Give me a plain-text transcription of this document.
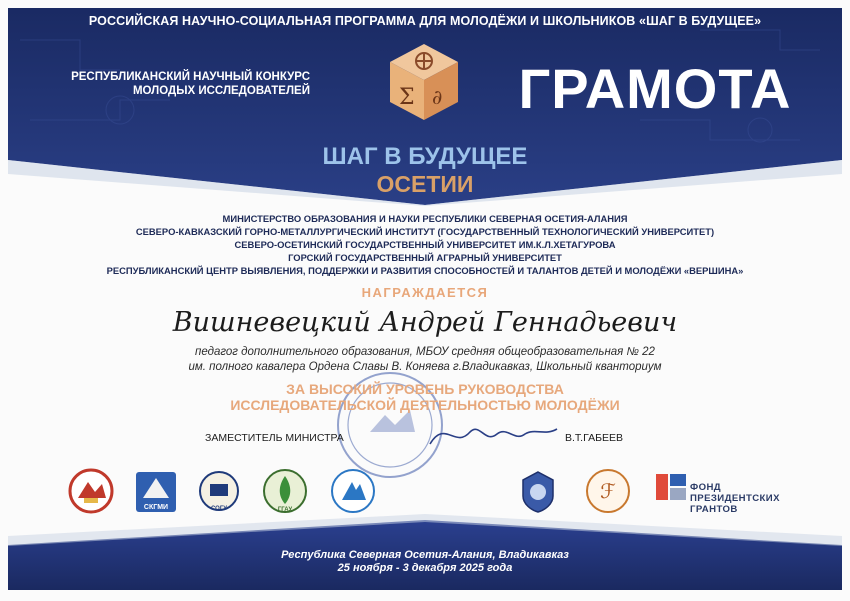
Σ ∂
РОССИЙСКАЯ НАУЧНО-СОЦИАЛЬНАЯ ПРОГРАММА ДЛЯ МОЛОДЁЖИ И ШКОЛЬНИКОВ «ШАГ В БУДУЩЕЕ»
РЕСПУБЛИКАНСКИЙ НАУЧНЫЙ КОНКУРС
МОЛОДЫХ ИССЛЕДОВАТЕЛЕЙ	ГРАМОТА
ШАГ В БУДУЩЕЕ
ОСЕТИИ
МИНИСТЕРСТВО ОБРАЗОВАНИЯ И НАУКИ РЕСПУБЛИКИ СЕВЕРНАЯ ОСЕТИЯ-АЛАНИЯ
СЕВЕРО-КАВКАЗСКИЙ ГОРНО-МЕТАЛЛУРГИЧЕСКИЙ ИНСТИТУТ (ГОСУДАРСТВЕННЫЙ ТЕХНОЛОГИЧЕСКИЙ УНИВЕРСИТЕТ)
СЕВЕРО-ОСЕТИНСКИЙ ГОСУДАРСТВЕННЫЙ УНИВЕРСИТЕТ ИМ.К.Л.ХЕТАГУРОВА
ГОРСКИЙ ГОСУДАРСТВЕННЫЙ АГРАРНЫЙ УНИВЕРСИТЕТ
РЕСПУБЛИКАНСКИЙ ЦЕНТР ВЫЯВЛЕНИЯ, ПОДДЕРЖКИ И РАЗВИТИЯ СПОСОБНОСТЕЙ И ТАЛАНТОВ ДЕТЕЙ И МОЛОДЁЖИ «ВЕРШИНА»
НАГРАЖДАЕТСЯ
Вишневецкий Андрей Геннадьевич
педагог дополнительного образования, МБОУ средняя общеобразовательная № 22
им. полного кавалера Ордена Славы В. Коняева г.Владикавказ, Школьный кванториум
ЗА ВЫСОКИЙ УРОВЕНЬ РУКОВОДСТВА
ИССЛЕДОВАТЕЛЬСКОЙ ДЕЯТЕЛЬНОСТЬЮ МОЛОДЁЖИ
ЗАМЕСТИТЕЛЬ МИНИСТРА	В.Т.ГАБЕЕВ
СКГМИ	СОГУ	ГГАУ
ℱ	ФОНД
ПРЕЗИДЕНТСКИХ
ГРАНТОВ
Республика Северная Осетия-Алания, Владикавказ
25 ноября - 3 декабря 2025 года
